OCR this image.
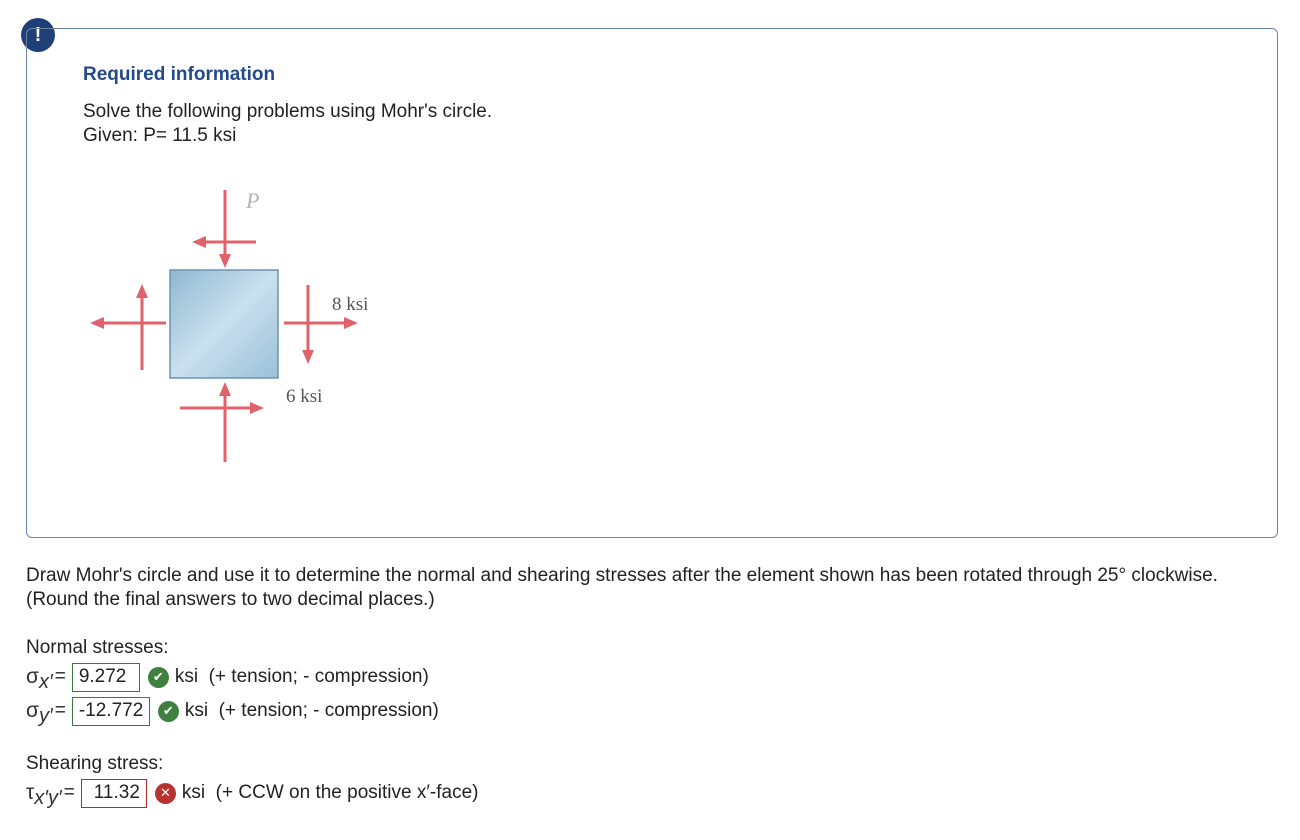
!
Required information
Solve the following problems using Mohr's circle.
Given: P= 11.5 ksi
P
8 ksi
6 ksi
Draw Mohr's circle and use it to determine the normal and shearing stresses after the element shown has been rotated through 25° clockwise. (Round the final answers to two decimal places.)
Normal stresses:
σ x′ = 9.272	✔ ksi  (+ tension; - compression)
σ y′ = -12.772	✔ ksi  (+ tension; - compression)
Shearing stress:
τ x′y′ = 11.32	✕ ksi  (+ CCW on the positive x′-face)
